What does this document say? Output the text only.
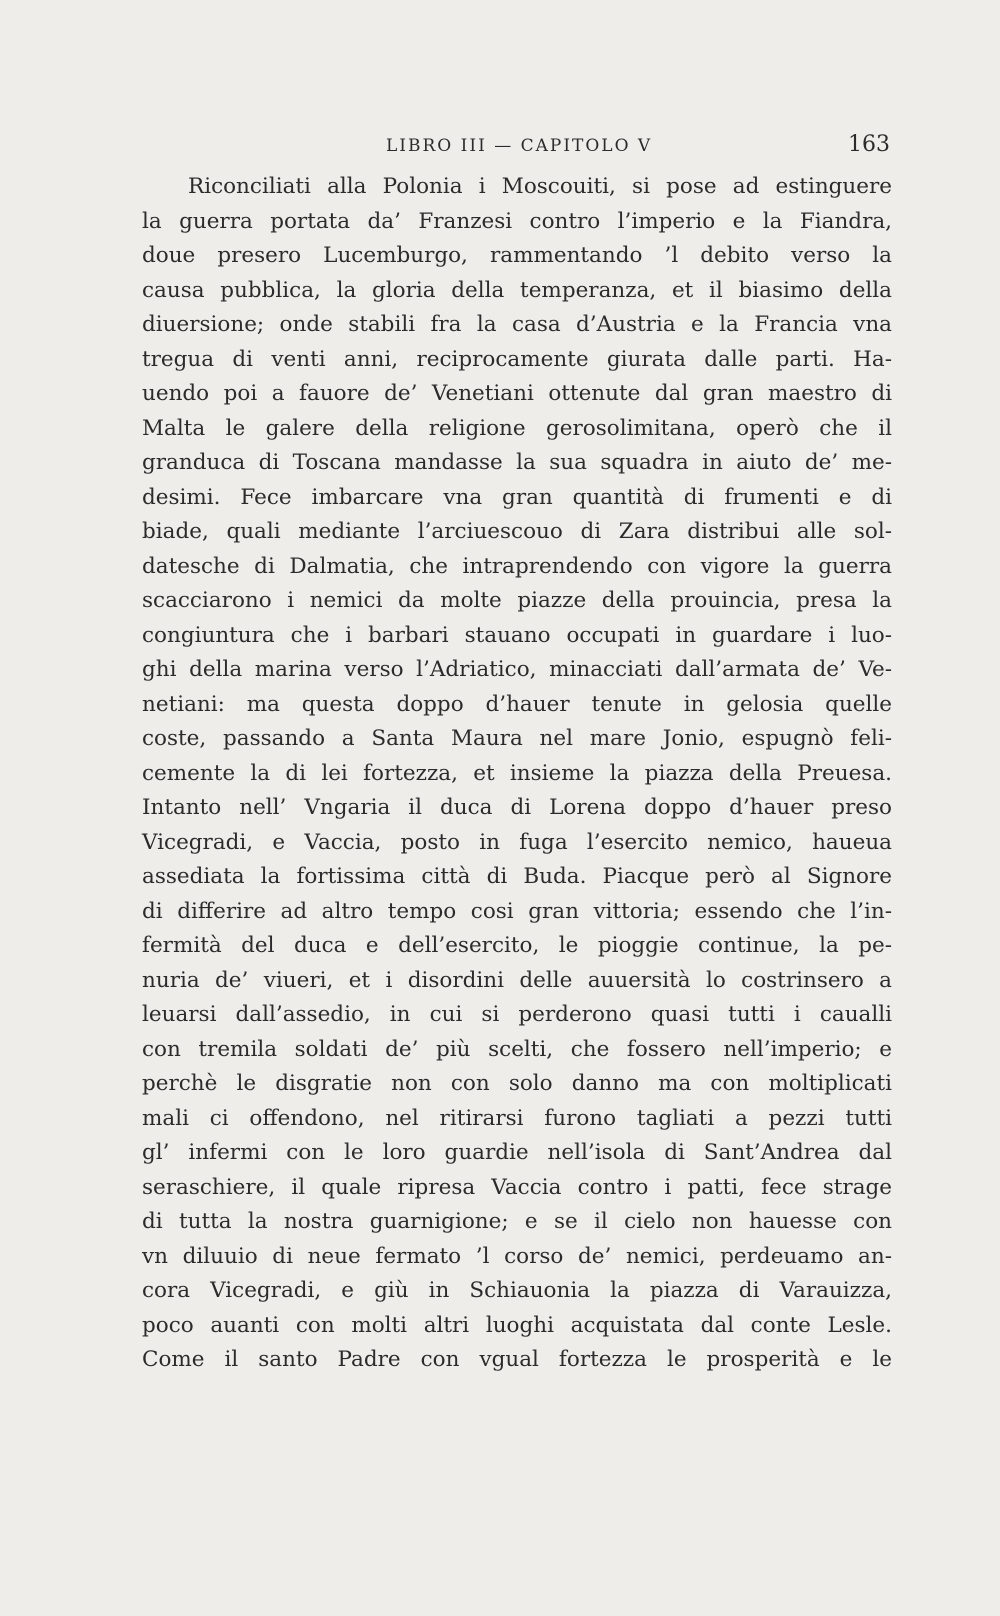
LIBRO III — CAPITOLO V	163
Riconciliati alla Polonia i Moscouiti, si pose ad estinguere
la guerra portata da’ Franzesi contro l’imperio e la Fiandra,
doue presero Lucemburgo, rammentando ’l debito verso la
causa pubblica, la gloria della temperanza, et il biasimo della
diuersione; onde stabili fra la casa d’Austria e la Francia vna
tregua di venti anni, reciprocamente giurata dalle parti. Ha-
uendo poi a fauore de’ Venetiani ottenute dal gran maestro di
Malta le galere della religione gerosolimitana, operò che il
granduca di Toscana mandasse la sua squadra in aiuto de’ me-
desimi. Fece imbarcare vna gran quantità di frumenti e di
biade, quali mediante l’arciuescouo di Zara distribui alle sol-
datesche di Dalmatia, che intraprendendo con vigore la guerra
scacciarono i nemici da molte piazze della prouincia, presa la
congiuntura che i barbari stauano occupati in guardare i luo-
ghi della marina verso l’Adriatico, minacciati dall’armata de’ Ve-
netiani: ma questa doppo d’hauer tenute in gelosia quelle
coste, passando a Santa Maura nel mare Jonio, espugnò feli-
cemente la di lei fortezza, et insieme la piazza della Preuesa.
Intanto nell’ Vngaria il duca di Lorena doppo d’hauer preso
Vicegradi, e Vaccia, posto in fuga l’esercito nemico, haueua
assediata la fortissima città di Buda. Piacque però al Signore
di differire ad altro tempo cosi gran vittoria; essendo che l’in-
fermità del duca e dell’esercito, le pioggie continue, la pe-
nuria de’ viueri, et i disordini delle auuersità lo costrinsero a
leuarsi dall’assedio, in cui si perderono quasi tutti i caualli
con tremila soldati de’ più scelti, che fossero nell’imperio; e
perchè le disgratie non con solo danno ma con moltiplicati
mali ci offendono, nel ritirarsi furono tagliati a pezzi tutti
gl’ infermi con le loro guardie nell’isola di Sant’Andrea dal
seraschiere, il quale ripresa Vaccia contro i patti, fece strage
di tutta la nostra guarnigione; e se il cielo non hauesse con
vn diluuio di neue fermato ’l corso de’ nemici, perdeuamo an-
cora Vicegradi, e giù in Schiauonia la piazza di Varauizza,
poco auanti con molti altri luoghi acquistata dal conte Lesle.
Come il santo Padre con vgual fortezza le prosperità e le
